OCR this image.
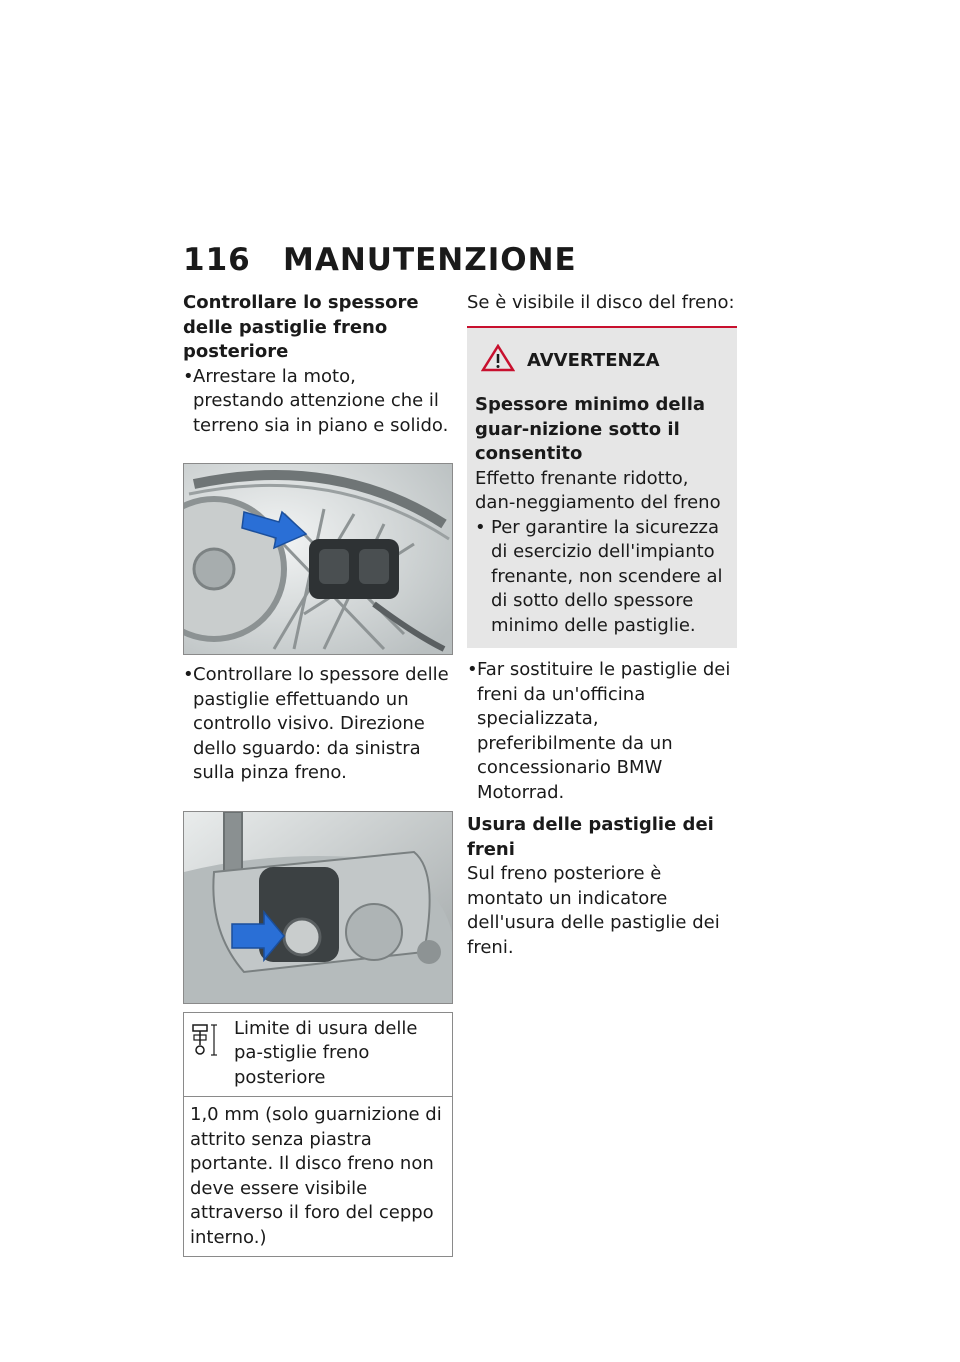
116	MANUTENZIONE
Controllare lo spessore delle pastiglie freno posteriore
• Arrestare la moto, prestando attenzione che il terreno sia in piano e solido.
• Controllare lo spessore delle pastiglie effettuando un controllo visivo. Direzione dello sguardo: da sinistra sulla pinza freno.
Limite di usura delle pa-stiglie freno posteriore
1,0 mm (solo guarnizione di attrito senza piastra portante. Il disco freno non deve essere visibile attraverso il foro del ceppo interno.)
Se è visibile il disco del freno:
AVVERTENZA
Spessore minimo della guar-nizione sotto il consentito
Effetto frenante ridotto, dan-neggiamento del freno
• Per garantire la sicurezza di esercizio dell'impianto frenante, non scendere al di sotto dello spessore minimo delle pastiglie.
• Far sostituire le pastiglie dei freni da un'officina specializzata, preferibilmente da un concessionario BMW Motorrad.
Usura delle pastiglie dei freni
Sul freno posteriore è montato un indicatore dell'usura delle pastiglie dei freni.
